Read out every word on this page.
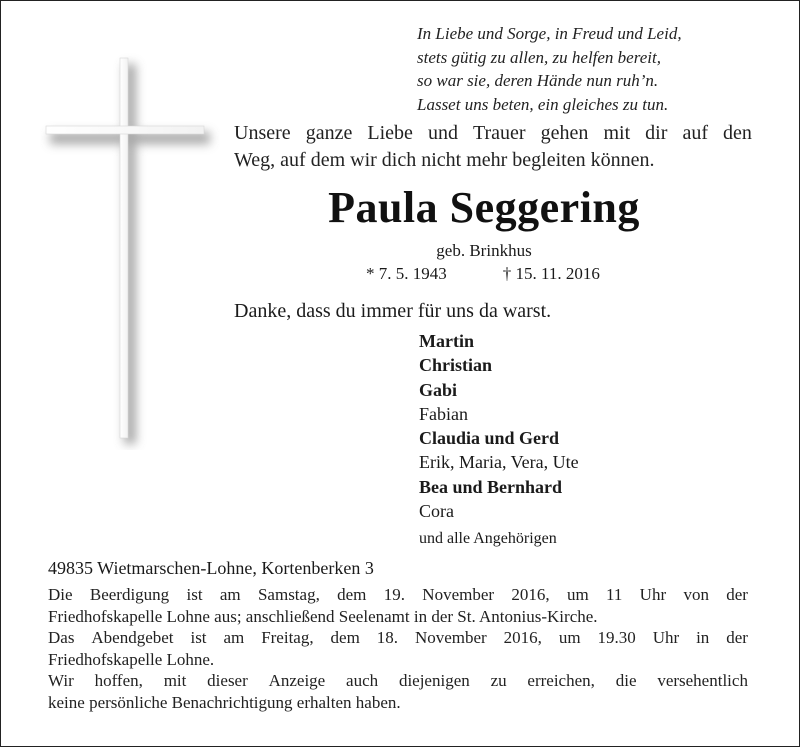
In Liebe und Sorge, in Freud und Leid,
stets gütig zu allen, zu helfen bereit,
so war sie, deren Hände nun ruh’n.
Lasset uns beten, ein gleiches zu tun.
Unsere ganze Liebe und Trauer gehen mit dir auf den
Weg, auf dem wir dich nicht mehr begleiten können.
Paula Seggering
geb. Brinkhus
* 7. 5. 1943	† 15. 11. 2016
Danke, dass du immer für uns da warst.
Martin
Christian
Gabi
Fabian
Claudia und Gerd
Erik, Maria, Vera, Ute
Bea und Bernhard
Cora
und alle Angehörigen
49835 Wietmarschen-Lohne, Kortenberken 3
Die Beerdigung ist am Samstag, dem 19. November 2016, um 11 Uhr von der
Friedhofskapelle Lohne aus; anschließend Seelenamt in der St. Antonius-Kirche.
Das Abendgebet ist am Freitag, dem 18. November 2016, um 19.30 Uhr in der
Friedhofskapelle Lohne.
Wir hoffen, mit dieser Anzeige auch diejenigen zu erreichen, die versehentlich
keine persönliche Benachrichtigung erhalten haben.
